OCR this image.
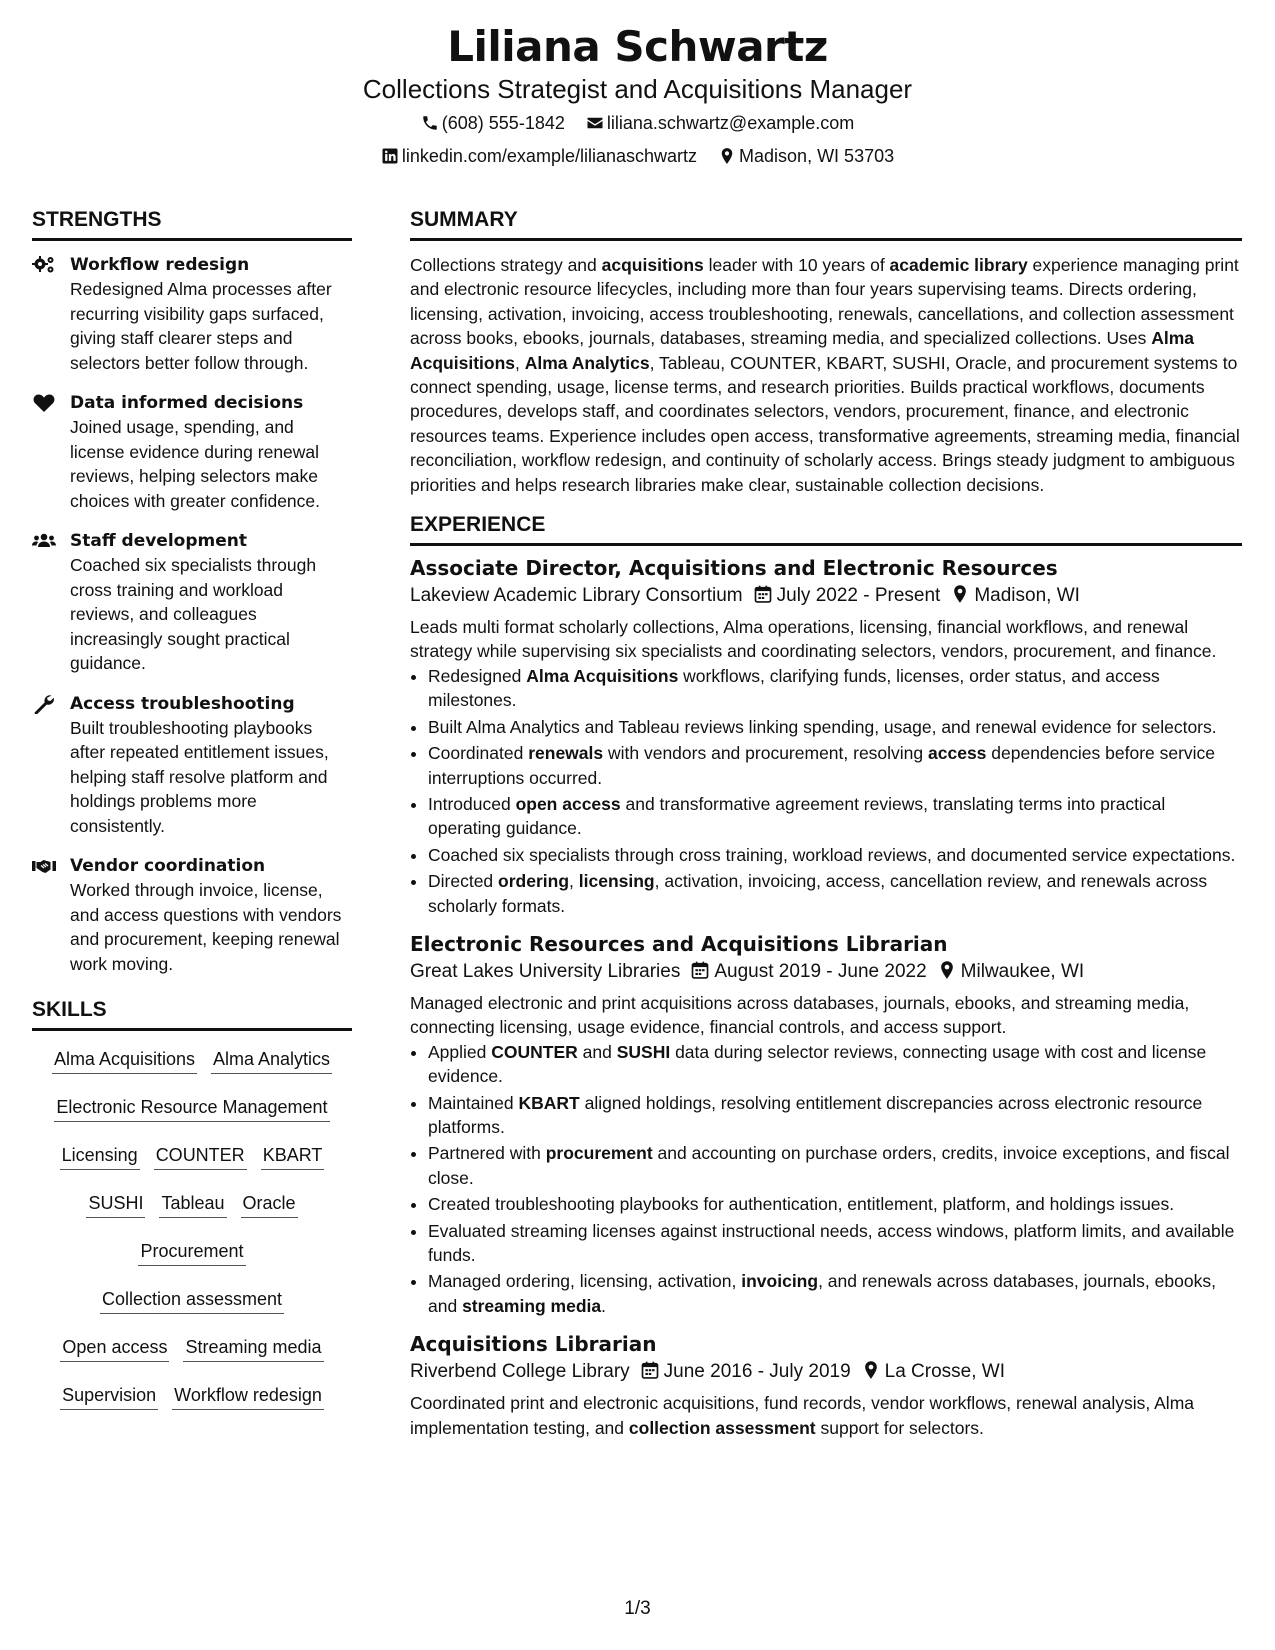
Liliana Schwartz
Collections Strategist and Acquisitions Manager
(608) 555-1842 liliana.schwartz@example.com
linkedin.com/example/lilianaschwartz Madison, WI 53703
STRENGTHS
Workflow redesign
Redesigned Alma processes after recurring visibility gaps surfaced, giving staff clearer steps and selectors better follow through.
Data informed decisions
Joined usage, spending, and license evidence during renewal reviews, helping selectors make choices with greater confidence.
Staff development
Coached six specialists through cross training and workload reviews, and colleagues increasingly sought practical guidance.
Access troubleshooting
Built troubleshooting playbooks after repeated entitlement issues, helping staff resolve platform and holdings problems more consistently.
Vendor coordination
Worked through invoice, license, and access questions with vendors and procurement, keeping renewal work moving.
SKILLS
Alma Acquisitions Alma Analytics
Electronic Resource Management
Licensing COUNTER KBART
SUSHI Tableau Oracle
Procurement
Collection assessment
Open access Streaming media
Supervision Workflow redesign
SUMMARY

Collections strategy and acquisitions leader with 10 years of academic library experience managing print and electronic resource lifecycles, including more than four years supervising teams. Directs ordering, licensing, activation, invoicing, access troubleshooting, renewals, cancellations, and collection assessment across books, ebooks, journals, databases, streaming media, and specialized collections. Uses Alma Acquisitions, Alma Analytics, Tableau, COUNTER, KBART, SUSHI, Oracle, and procurement systems to connect spending, usage, license terms, and research priorities. Builds practical workflows, documents procedures, develops staff, and coordinates selectors, vendors, procurement, finance, and electronic resources teams. Experience includes open access, transformative agreements, streaming media, financial reconciliation, workflow redesign, and continuity of scholarly access. Brings steady judgment to ambiguous priorities and helps research libraries make clear, sustainable collection decisions.

EXPERIENCE
Associate Director, Acquisitions and Electronic Resources
Lakeview Academic Library Consortium July 2022 - Present Madison, WI

Leads multi format scholarly collections, Alma operations, licensing, financial workflows, and renewal strategy while supervising six specialists and coordinating selectors, vendors, procurement, and finance.

• Redesigned Alma Acquisitions workflows, clarifying funds, licenses, order status, and access milestones.
• Built Alma Analytics and Tableau reviews linking spending, usage, and renewal evidence for selectors.
• Coordinated renewals with vendors and procurement, resolving access dependencies before service interruptions occurred.
• Introduced open access and transformative agreement reviews, translating terms into practical operating guidance.
• Coached six specialists through cross training, workload reviews, and documented service expectations.
• Directed ordering, licensing, activation, invoicing, access, cancellation review, and renewals across scholarly formats.
Electronic Resources and Acquisitions Librarian
Great Lakes University Libraries August 2019 - June 2022 Milwaukee, WI

Managed electronic and print acquisitions across databases, journals, ebooks, and streaming media, connecting licensing, usage evidence, financial controls, and access support.

• Applied COUNTER and SUSHI data during selector reviews, connecting usage with cost and license evidence.
• Maintained KBART aligned holdings, resolving entitlement discrepancies across electronic resource platforms.
• Partnered with procurement and accounting on purchase orders, credits, invoice exceptions, and fiscal close.
• Created troubleshooting playbooks for authentication, entitlement, platform, and holdings issues.
• Evaluated streaming licenses against instructional needs, access windows, platform limits, and available funds.
• Managed ordering, licensing, activation, invoicing, and renewals across databases, journals, ebooks, and streaming media.
Acquisitions Librarian
Riverbend College Library June 2016 - July 2019 La Crosse, WI

Coordinated print and electronic acquisitions, fund records, vendor workflows, renewal analysis, Alma implementation testing, and collection assessment support for selectors.

1/3
